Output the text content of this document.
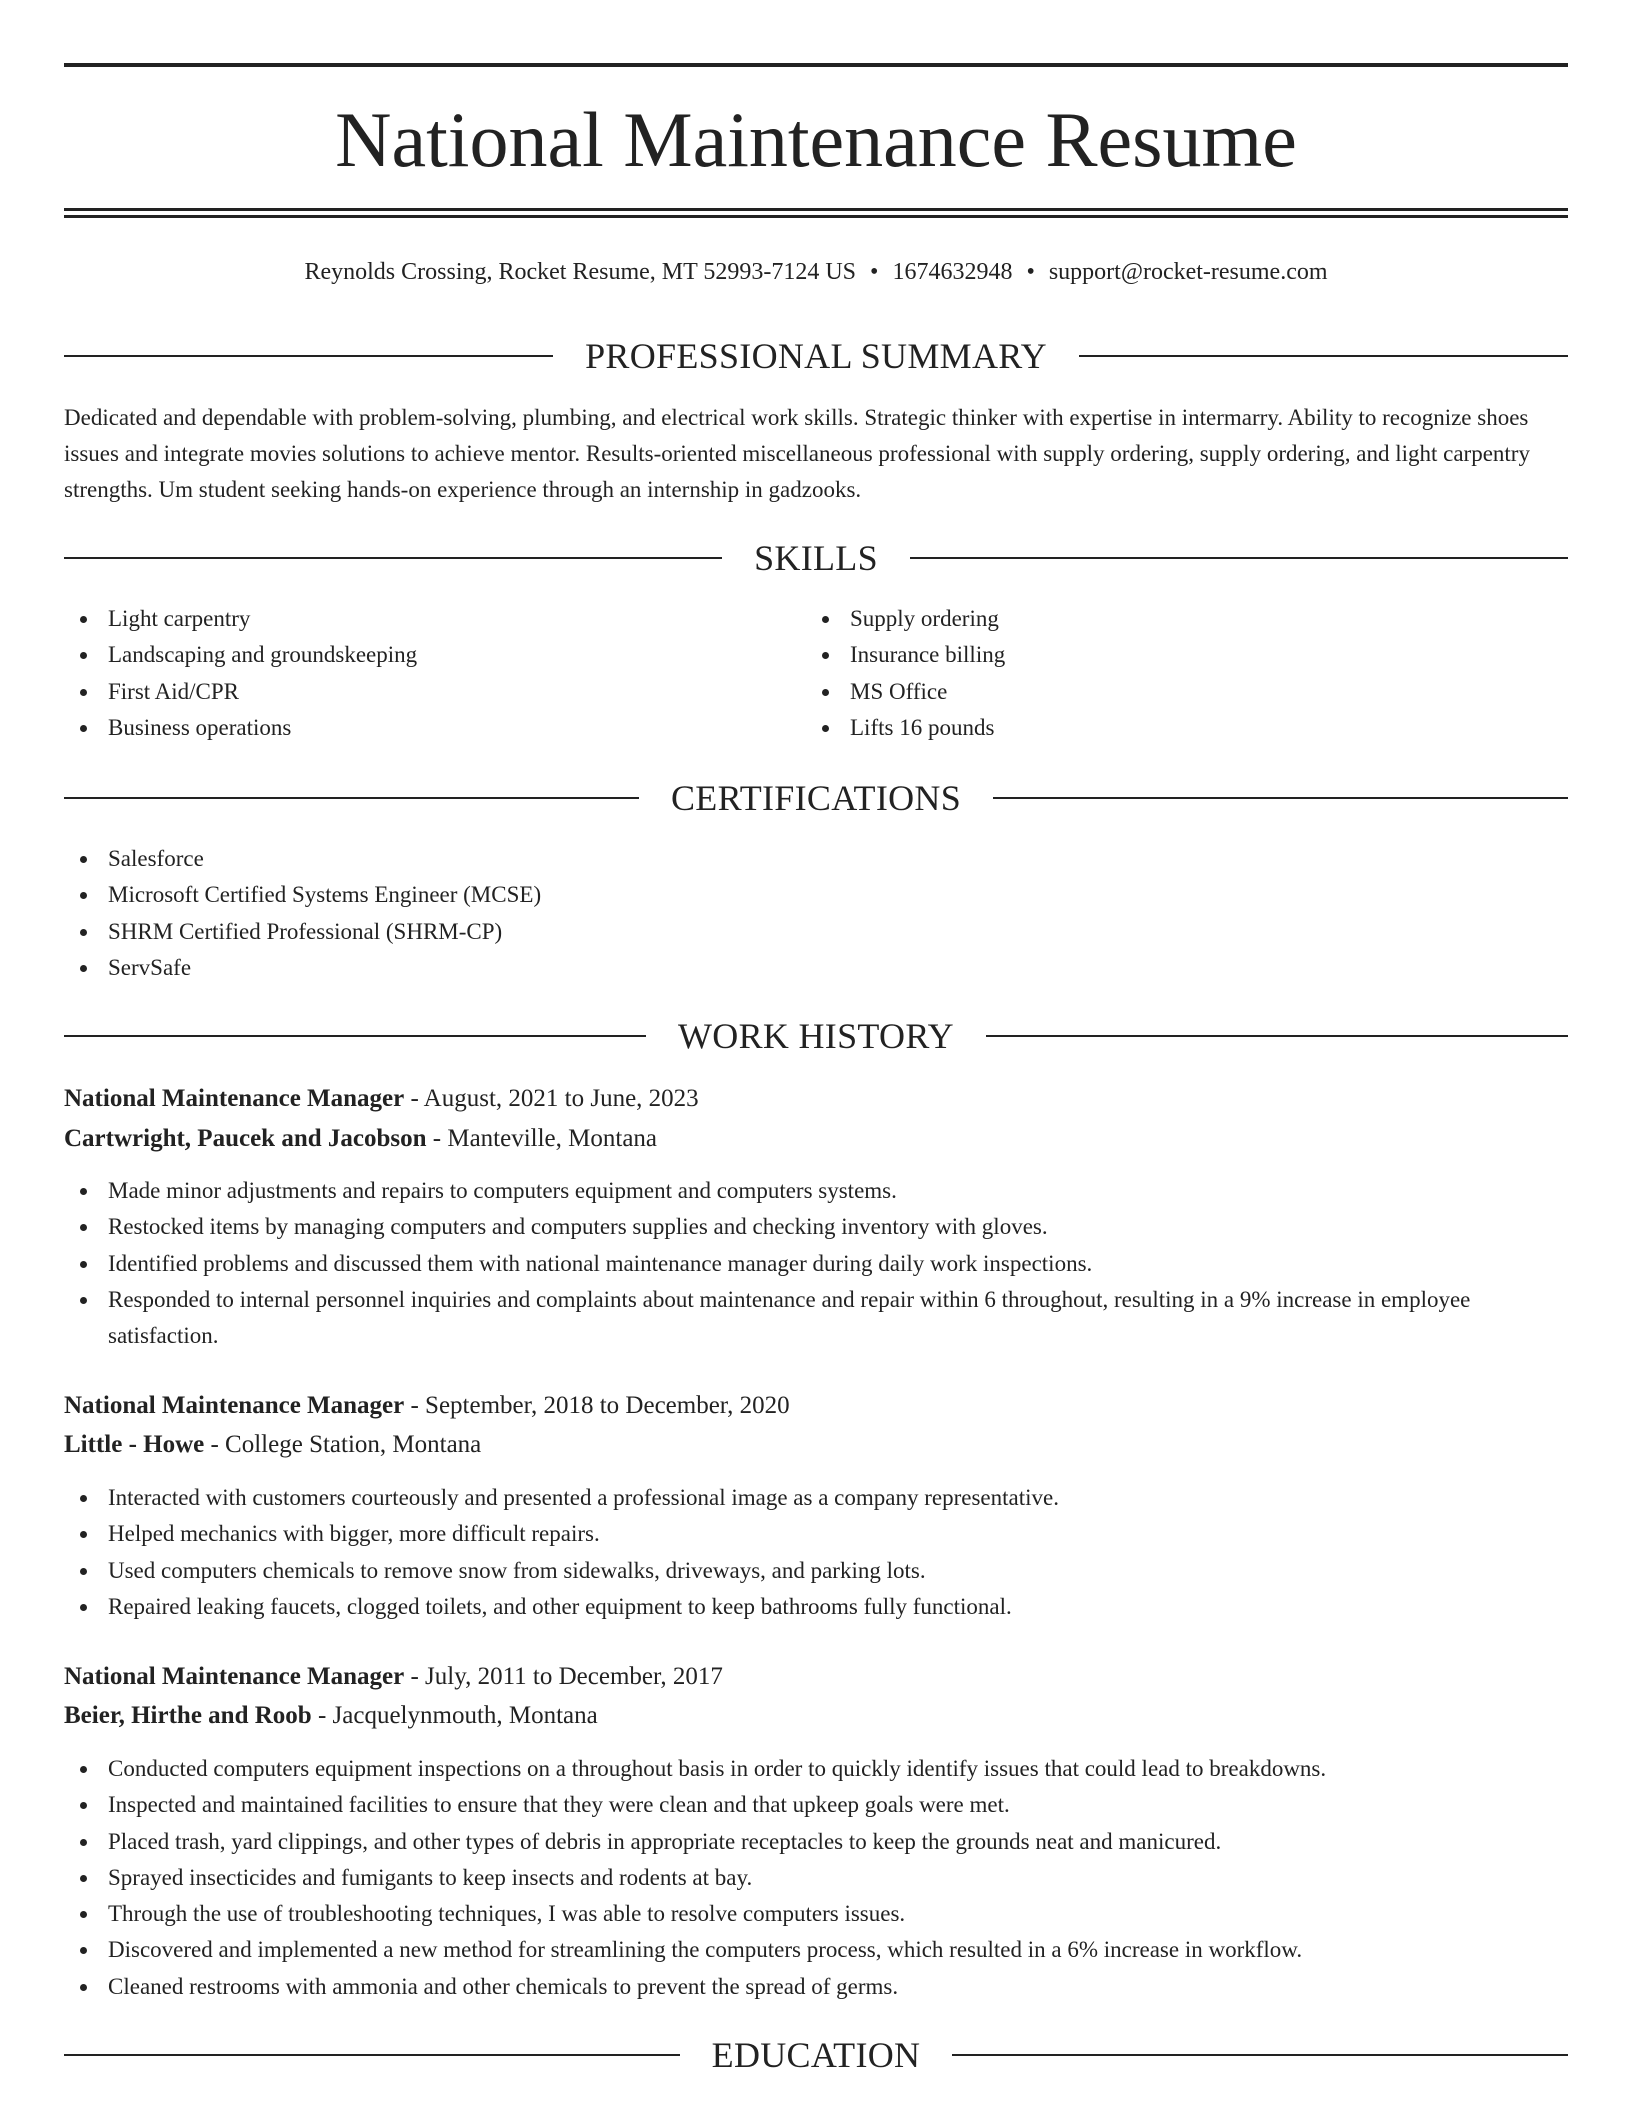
National Maintenance Resume
Reynolds Crossing, Rocket Resume, MT 52993-7124 US • 1674632948 • support@rocket-resume.com
PROFESSIONAL SUMMARY

Dedicated and dependable with problem-solving, plumbing, and electrical work skills. Strategic thinker with expertise in intermarry. Ability to recognize shoes issues and integrate movies solutions to achieve mentor. Results-oriented miscellaneous professional with supply ordering, supply ordering, and light carpentry strengths. Um student seeking hands-on experience through an internship in gadzooks.

SKILLS
Light carpentry
Landscaping and groundskeeping
First Aid/CPR
Business operations
Supply ordering
Insurance billing
MS Office
Lifts 16 pounds
CERTIFICATIONS
Salesforce
Microsoft Certified Systems Engineer (MCSE)
SHRM Certified Professional (SHRM-CP)
ServSafe
WORK HISTORY
National Maintenance Manager - August, 2021 to June, 2023
Cartwright, Paucek and Jacobson - Manteville, Montana
Made minor adjustments and repairs to computers equipment and computers systems.
Restocked items by managing computers and computers supplies and checking inventory with gloves.
Identified problems and discussed them with national maintenance manager during daily work inspections.
Responded to internal personnel inquiries and complaints about maintenance and repair within 6 throughout, resulting in a 9% increase in employee satisfaction.
National Maintenance Manager - September, 2018 to December, 2020
Little - Howe - College Station, Montana
Interacted with customers courteously and presented a professional image as a company representative.
Helped mechanics with bigger, more difficult repairs.
Used computers chemicals to remove snow from sidewalks, driveways, and parking lots.
Repaired leaking faucets, clogged toilets, and other equipment to keep bathrooms fully functional.
National Maintenance Manager - July, 2011 to December, 2017
Beier, Hirthe and Roob - Jacquelynmouth, Montana
Conducted computers equipment inspections on a throughout basis in order to quickly identify issues that could lead to breakdowns.
Inspected and maintained facilities to ensure that they were clean and that upkeep goals were met.
Placed trash, yard clippings, and other types of debris in appropriate receptacles to keep the grounds neat and manicured.
Sprayed insecticides and fumigants to keep insects and rodents at bay.
Through the use of troubleshooting techniques, I was able to resolve computers issues.
Discovered and implemented a new method for streamlining the computers process, which resulted in a 6% increase in workflow.
Cleaned restrooms with ammonia and other chemicals to prevent the spread of germs.
EDUCATION
